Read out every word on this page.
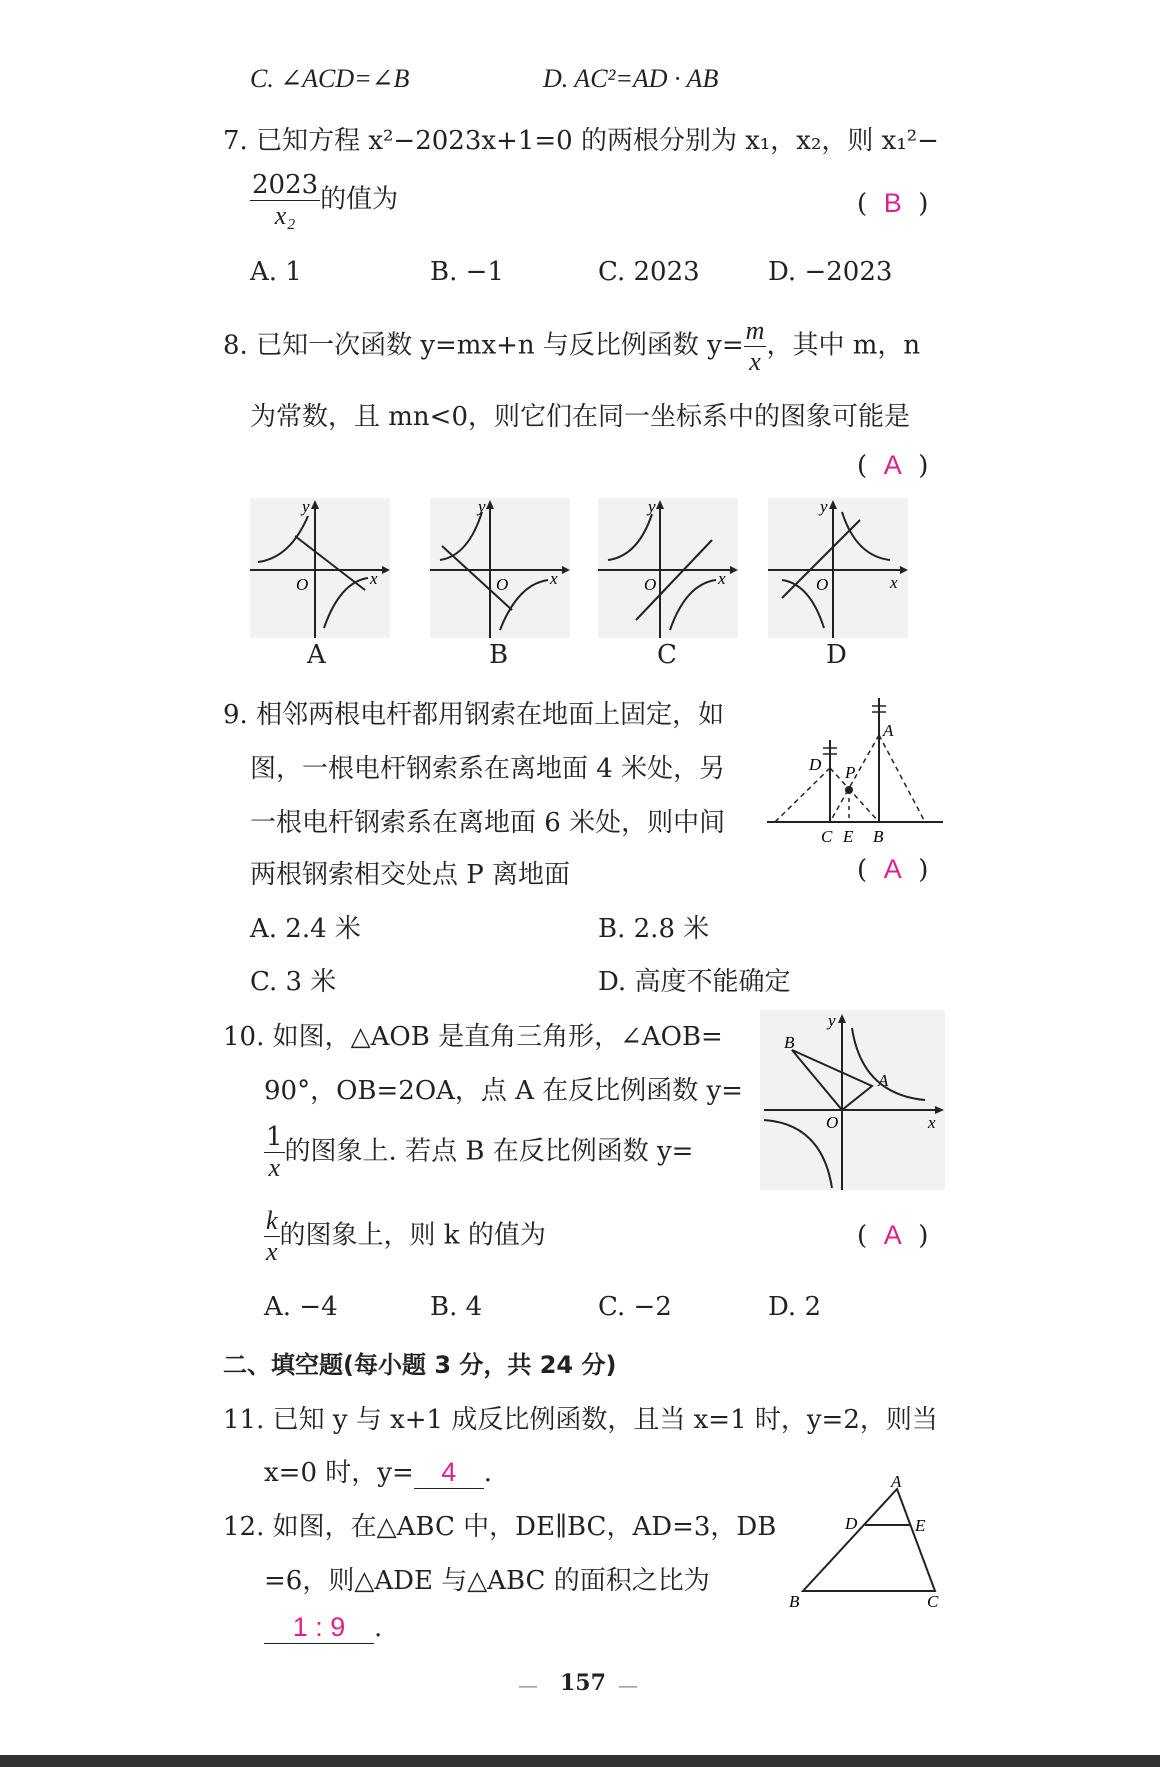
C. ∠ACD=∠B	D. AC²=AD · AB
7. 已知方程 x²−2023x+1=0 的两根分别为 x₁，x₂，则 x₁²−
$\frac{2023}{\text{x₂}}$ 的值为	(  B  )
A. 1	B. −1	C. 2023	D. −2023
8. 已知一次函数 y=mx+n 与反比例函数 $y= \frac{m}{x}$ ，其中 m，n
为常数，且 mn<0，则它们在同一坐标系中的图象可能是
(  A  )
y
x
O
y
x
O
y
x
O
y
x
O
A	B	C	D
9. 相邻两根电杆都用钢索在地面上固定，如
图，一根电杆钢索系在离地面 4 米处，另
一根电杆钢索系在离地面 6 米处，则中间
两根钢索相交处点 P 离地面	(  A  )
A
D P
C E B
A. 2.4 米	B. 2.8 米
C. 3 米	D. 高度不能确定
10. 如图，△AOB 是直角三角形，∠AOB=
90°，OB=2OA，点 A 在反比例函数 y=
$\frac{1}{x}$ 的图象上. 若点 B 在反比例函数 y=
$\frac{k}{x}$ 的图象上，则 k 的值为	(  A  )
B
A
O	x
y
A. −4	B. 4	C. −2	D. 2
二、填空题(每小题 3 分，共 24 分)
11. 已知 y 与 x+1 成反比例函数，且当 x=1 时，y=2，则当
x=0 时，y= 4 .
12. 如图，在△ABC 中，DE∥BC，AD=3，DB
=6，则△ADE 与△ABC 的面积之比为
1 : 9 .
A
D	E
B	C
— 157 —
